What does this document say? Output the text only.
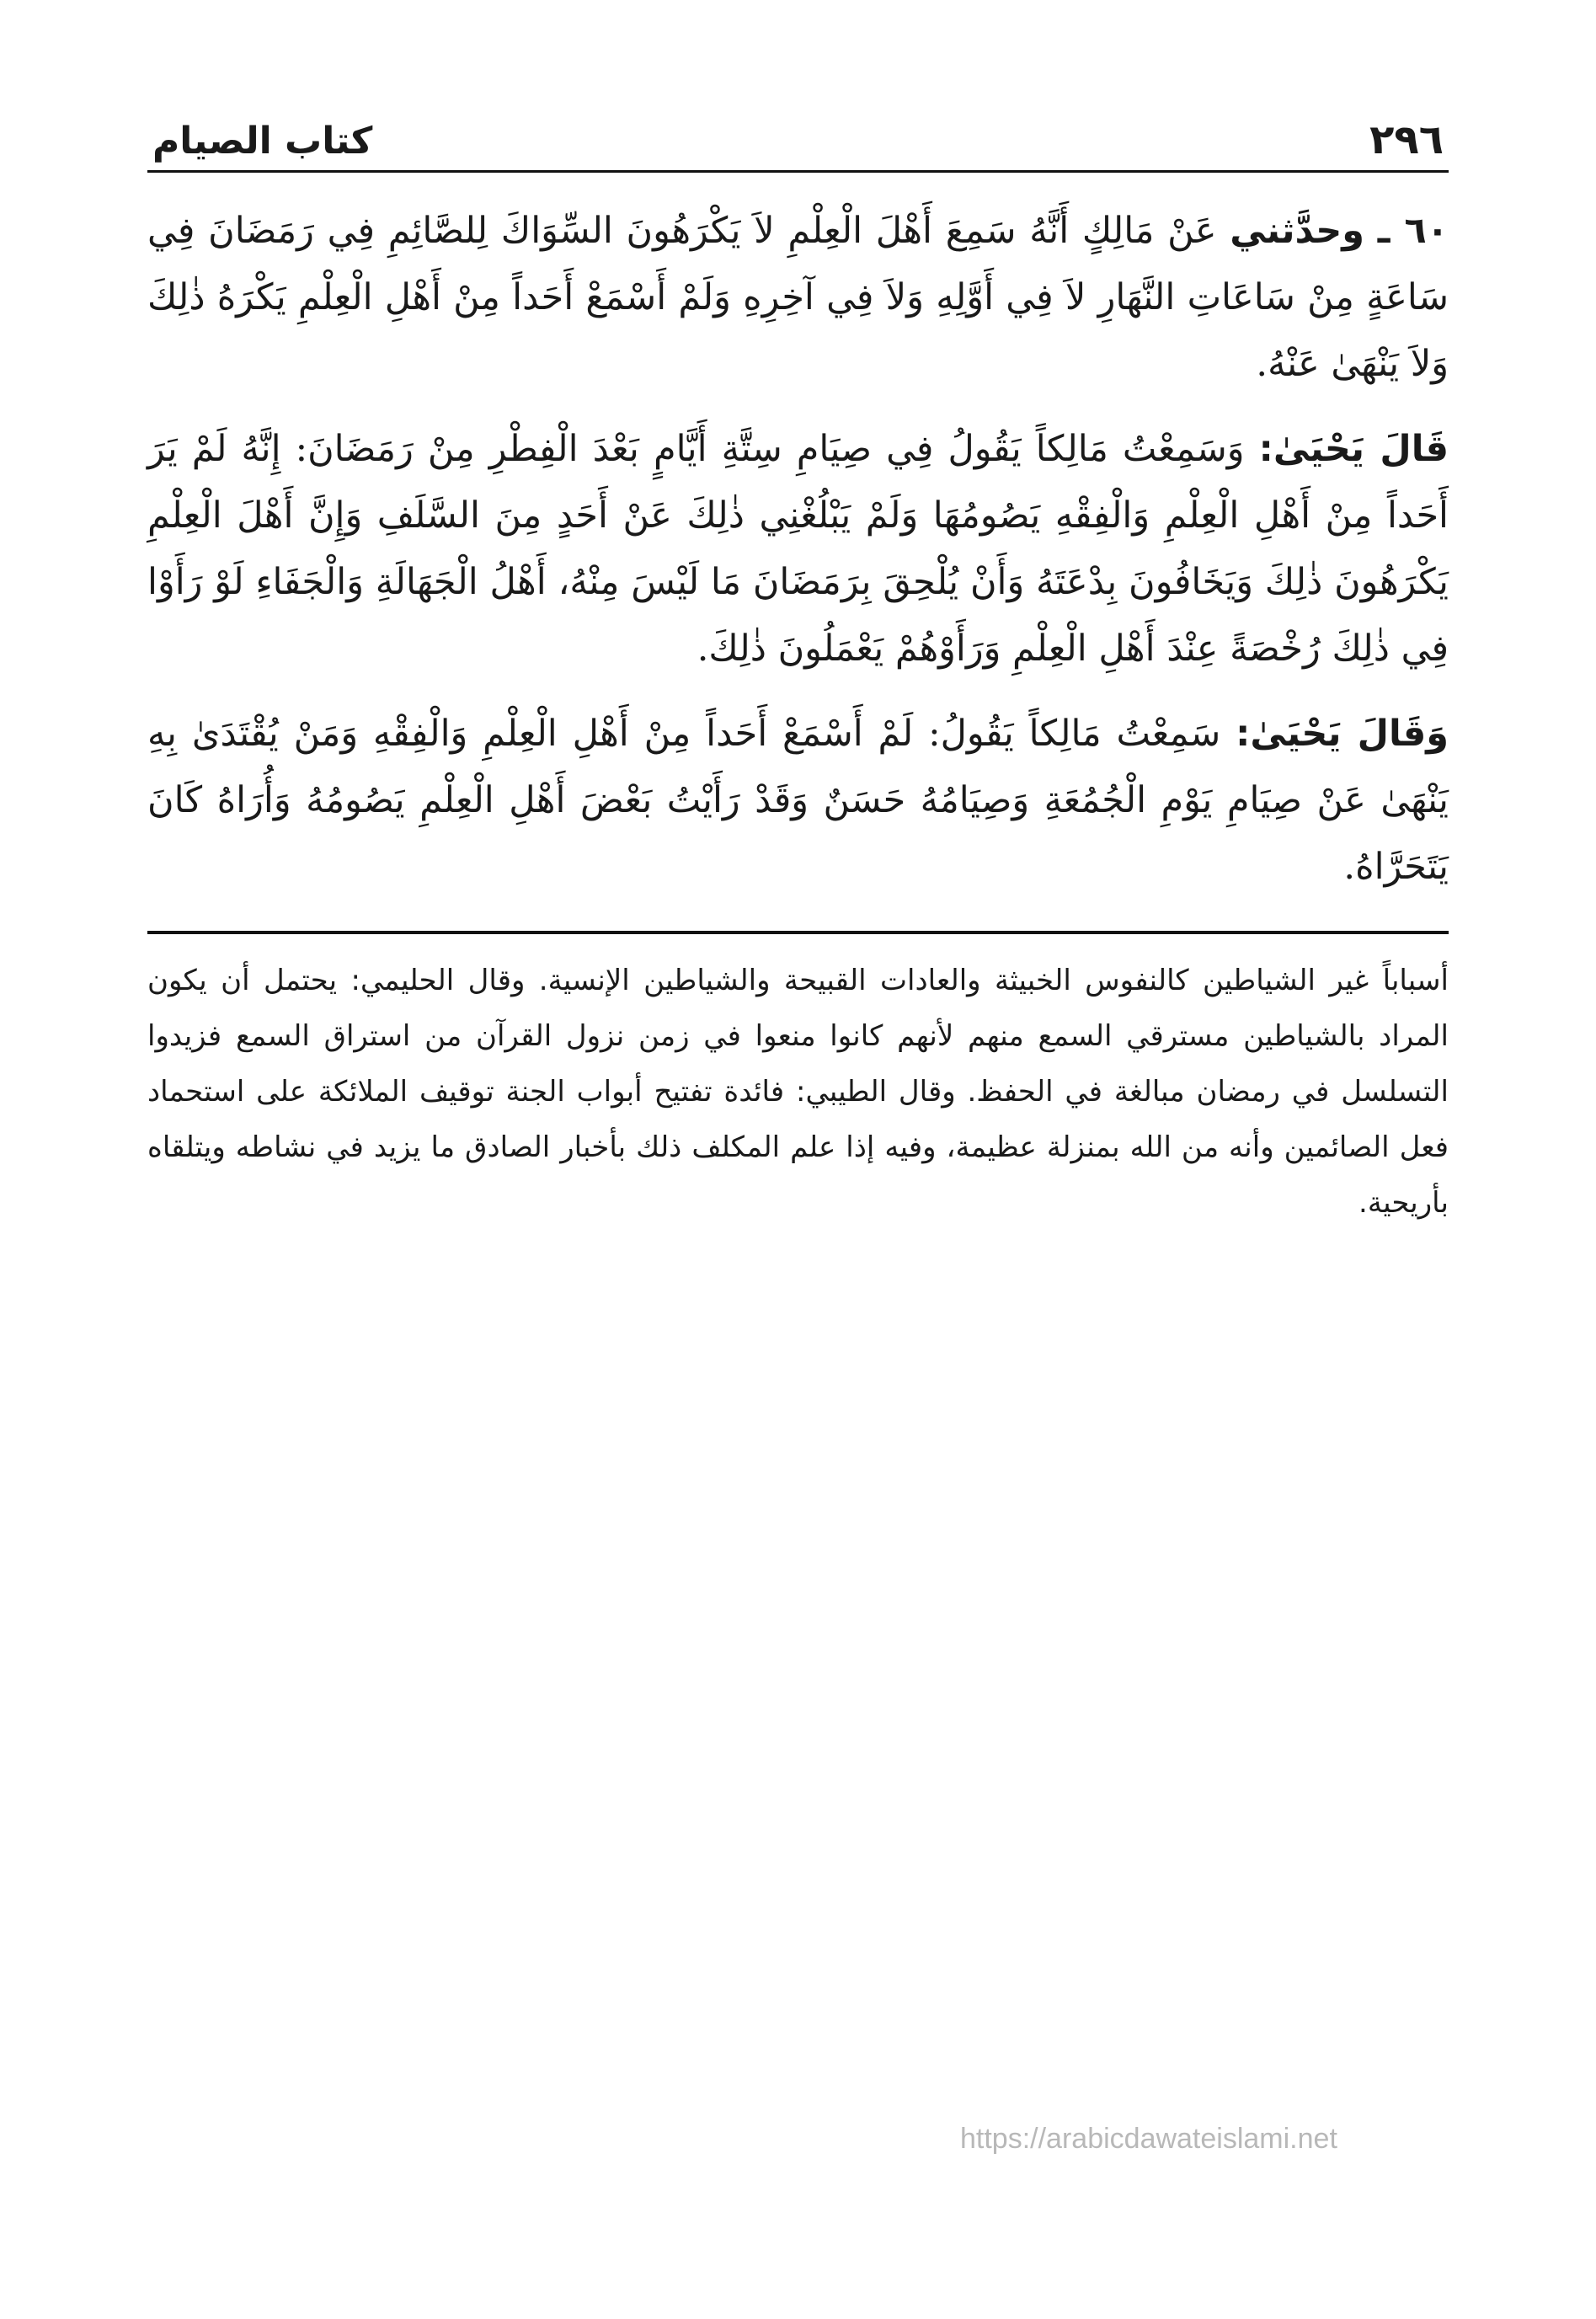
٢٩٦
كتاب الصيام

٦٠ ـ وحدَّثني عَنْ مَالِكٍ أَنَّهُ سَمِعَ أَهْلَ الْعِلْمِ لاَ يَكْرَهُونَ السِّوَاكَ لِلصَّائِمِ فِي رَمَضَانَ فِي سَاعَةٍ مِنْ سَاعَاتِ النَّهَارِ لاَ فِي أَوَّلِهِ وَلاَ فِي آخِرِهِ وَلَمْ أَسْمَعْ أَحَداً مِنْ أَهْلِ الْعِلْمِ يَكْرَهُ ذٰلِكَ وَلاَ يَنْهَىٰ عَنْهُ.

قَالَ يَحْيَىٰ: وَسَمِعْتُ مَالِكاً يَقُولُ فِي صِيَامِ سِتَّةِ أَيَّامٍ بَعْدَ الْفِطْرِ مِنْ رَمَضَانَ: إِنَّهُ لَمْ يَرَ أَحَداً مِنْ أَهْلِ الْعِلْمِ وَالْفِقْهِ يَصُومُهَا وَلَمْ يَبْلُغْنِي ذٰلِكَ عَنْ أَحَدٍ مِنَ السَّلَفِ وَإِنَّ أَهْلَ الْعِلْمِ يَكْرَهُونَ ذٰلِكَ وَيَخَافُونَ بِدْعَتَهُ وَأَنْ يُلْحِقَ بِرَمَضَانَ مَا لَيْسَ مِنْهُ، أَهْلُ الْجَهَالَةِ وَالْجَفَاءِ لَوْ رَأَوْا فِي ذٰلِكَ رُخْصَةً عِنْدَ أَهْلِ الْعِلْمِ وَرَأَوْهُمْ يَعْمَلُونَ ذٰلِكَ.

وَقَالَ يَحْيَىٰ: سَمِعْتُ مَالِكاً يَقُولُ: لَمْ أَسْمَعْ أَحَداً مِنْ أَهْلِ الْعِلْمِ وَالْفِقْهِ وَمَنْ يُقْتَدَىٰ بِهِ يَنْهَىٰ عَنْ صِيَامِ يَوْمِ الْجُمُعَةِ وَصِيَامُهُ حَسَنٌ وَقَدْ رَأَيْتُ بَعْضَ أَهْلِ الْعِلْمِ يَصُومُهُ وَأُرَاهُ كَانَ يَتَحَرَّاهُ.

أسباباً غير الشياطين كالنفوس الخبيثة والعادات القبيحة والشياطين الإنسية. وقال الحليمي: يحتمل أن يكون المراد بالشياطين مسترقي السمع منهم لأنهم كانوا منعوا في زمن نزول القرآن من استراق السمع فزيدوا التسلسل في رمضان مبالغة في الحفظ. وقال الطيبي: فائدة تفتيح أبواب الجنة توقيف الملائكة على استحماد فعل الصائمين وأنه من الله بمنزلة عظيمة، وفيه إذا علم المكلف ذلك بأخبار الصادق ما يزيد في نشاطه ويتلقاه بأريحية.
https://arabicdawateislami.net
